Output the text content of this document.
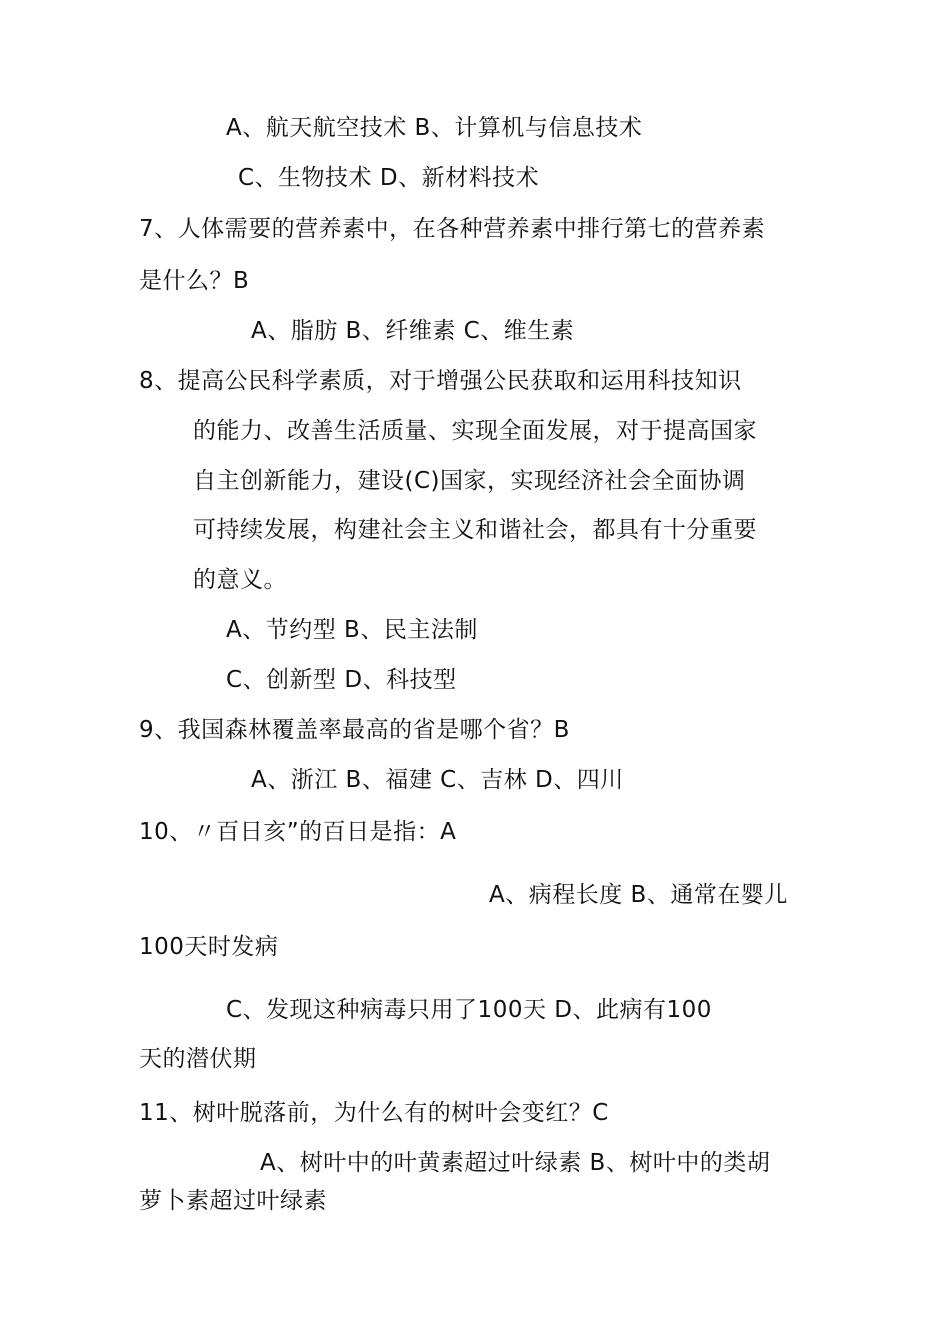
A、航天航空技术 B、计算机与信息技术
C、生物技术 D、新材料技术
7、人体需要的营养素中，在各种营养素中排行第七的营养素
是什么？B
A、脂肪 B、纤维素 C、维生素
8、提高公民科学素质，对于增强公民获取和运用科技知识
的能力、改善生活质量、实现全面发展，对于提高国家
自主创新能力，建设(C)国家，实现经济社会全面协调
可持续发展，构建社会主义和谐社会，都具有十分重要
的意义。
A、节约型 B、民主法制
C、创新型 D、科技型
9、我国森林覆盖率最高的省是哪个省？B
A、浙江 B、福建 C、吉林 D、四川
10、〃百日亥”的百日是指：A
A、病程长度 B、通常在婴儿
100天时发病
C、发现这种病毒只用了100天 D、此病有100
天的潜伏期
11、树叶脱落前，为什么有的树叶会变红？C
A、树叶中的叶黄素超过叶绿素 B、树叶中的类胡
萝卜素超过叶绿素
